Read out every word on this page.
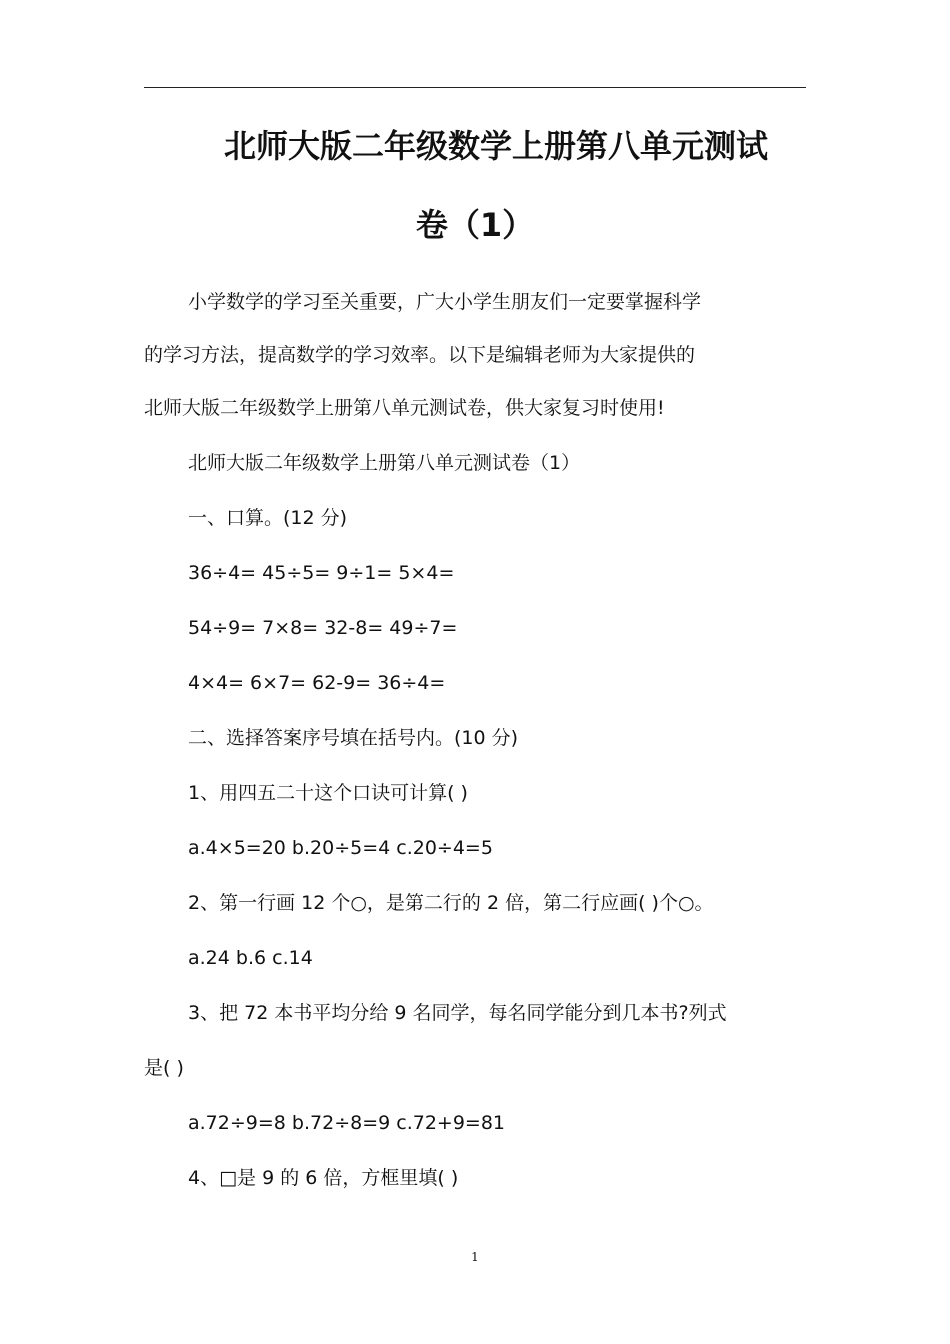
北师大版二年级数学上册第八单元测试
卷（1）
小学数学的学习至关重要，广大小学生朋友们一定要掌握科学
的学习方法，提高数学的学习效率。以下是编辑老师为大家提供的
北师大版二年级数学上册第八单元测试卷，供大家复习时使用!
北师大版二年级数学上册第八单元测试卷（1）
一、口算。(12 分)
36÷4= 45÷5= 9÷1= 5×4=
54÷9= 7×8= 32-8= 49÷7=
4×4= 6×7= 62-9= 36÷4=
二、选择答案序号填在括号内。(10 分)
1、用四五二十这个口诀可计算( )
a.4×5=20 b.20÷5=4 c.20÷4=5
2、第一行画 12 个○，是第二行的 2 倍，第二行应画( )个○。
a.24 b.6 c.14
3、把 72 本书平均分给 9 名同学，每名同学能分到几本书?列式
是( )
a.72÷9=8 b.72÷8=9 c.72+9=81
4、□是 9 的 6 倍，方框里填( )
1
